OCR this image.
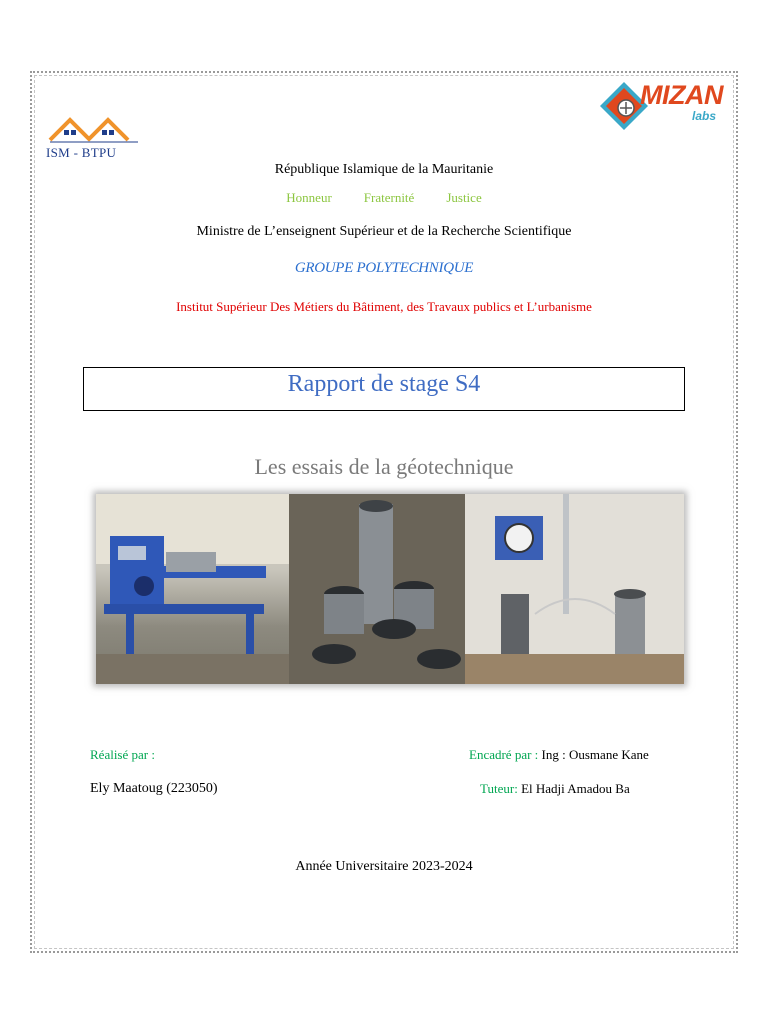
ISM - BTPU
MIZAN
labs
République Islamique de la Mauritanie
Honneur Fraternité Justice
Ministre de L’enseignent Supérieur et de la Recherche Scientifique
GROUPE POLYTECHNIQUE
Institut Supérieur Des Métiers du Bâtiment, des Travaux publics et L’urbanisme
Rapport de stage S4
Les essais de la géotechnique
Réalisé par :	Encadré par : Ing : Ousmane Kane
Ely Maatoug (223050)	Tuteur: El Hadji Amadou Ba
Année Universitaire 2023-2024
